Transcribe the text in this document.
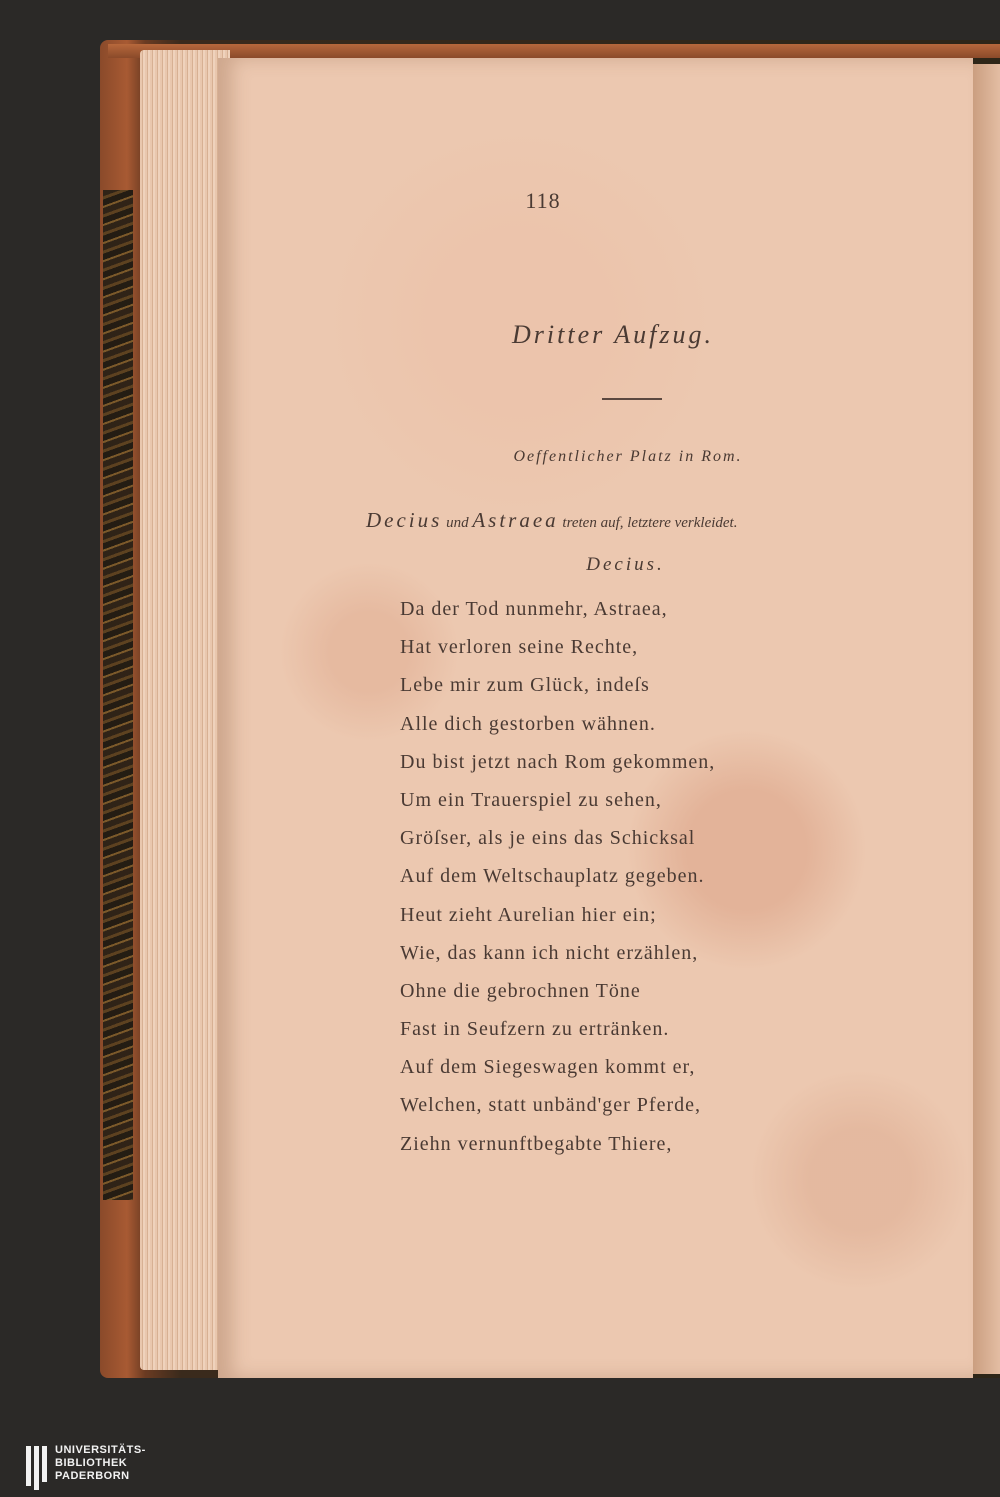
118
Dritter Aufzug.
Oeffentlicher Platz in Rom.
Decius und Astraea treten auf, letztere verkleidet.
Decius.
Da der Tod nunmehr, Astraea,
Hat verloren seine Rechte,
Lebe mir zum Glück, indeſs
Alle dich gestorben wähnen.
Du bist jetzt nach Rom gekommen,
Um ein Trauerspiel zu sehen,
Gröſser, als je eins das Schicksal
Auf dem Weltschauplatz gegeben.
Heut zieht Aurelian hier ein;
Wie, das kann ich nicht erzählen,
Ohne die gebrochnen Töne
Fast in Seufzern zu ertränken.
Auf dem Siegeswagen kommt er,
Welchen, statt unbänd'ger Pferde,
Ziehn vernunftbegabte Thiere,
UNIVERSITÄTS-
BIBLIOTHEK
PADERBORN
